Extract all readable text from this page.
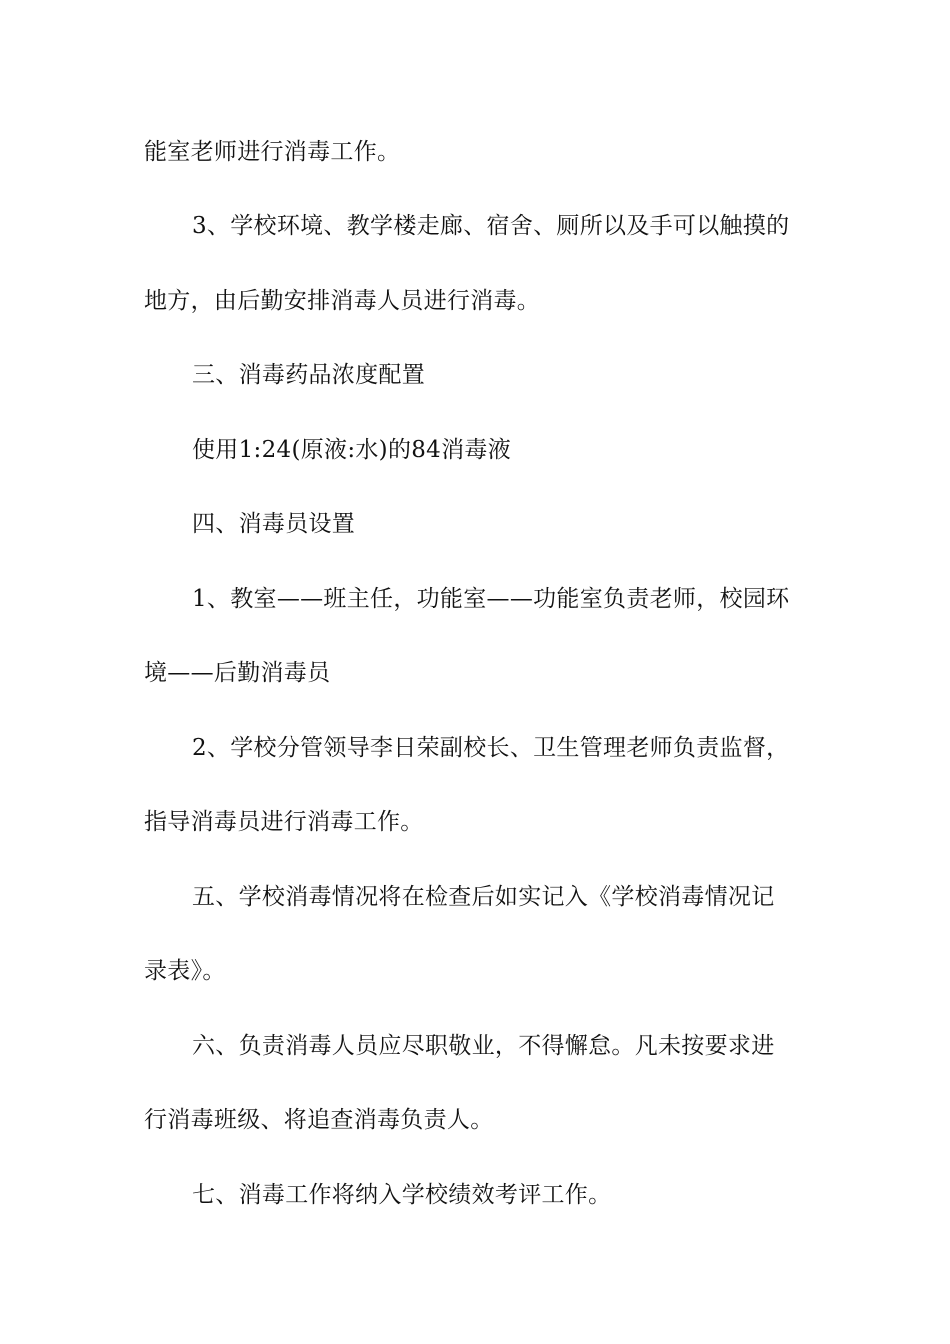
能室老师进行消毒工作。
3、学校环境、教学楼走廊、宿舍、厕所以及手可以触摸的
地方，由后勤安排消毒人员进行消毒。
三、消毒药品浓度配置
使用1:24(原液:水)的84消毒液
四、消毒员设置
1、教室——班主任，功能室——功能室负责老师，校园环
境——后勤消毒员
2、学校分管领导李日荣副校长、卫生管理老师负责监督，
指导消毒员进行消毒工作。
五、学校消毒情况将在检查后如实记入《学校消毒情况记
录表》。
六、负责消毒人员应尽职敬业，不得懈怠。凡未按要求进
行消毒班级、将追查消毒负责人。
七、消毒工作将纳入学校绩效考评工作。
